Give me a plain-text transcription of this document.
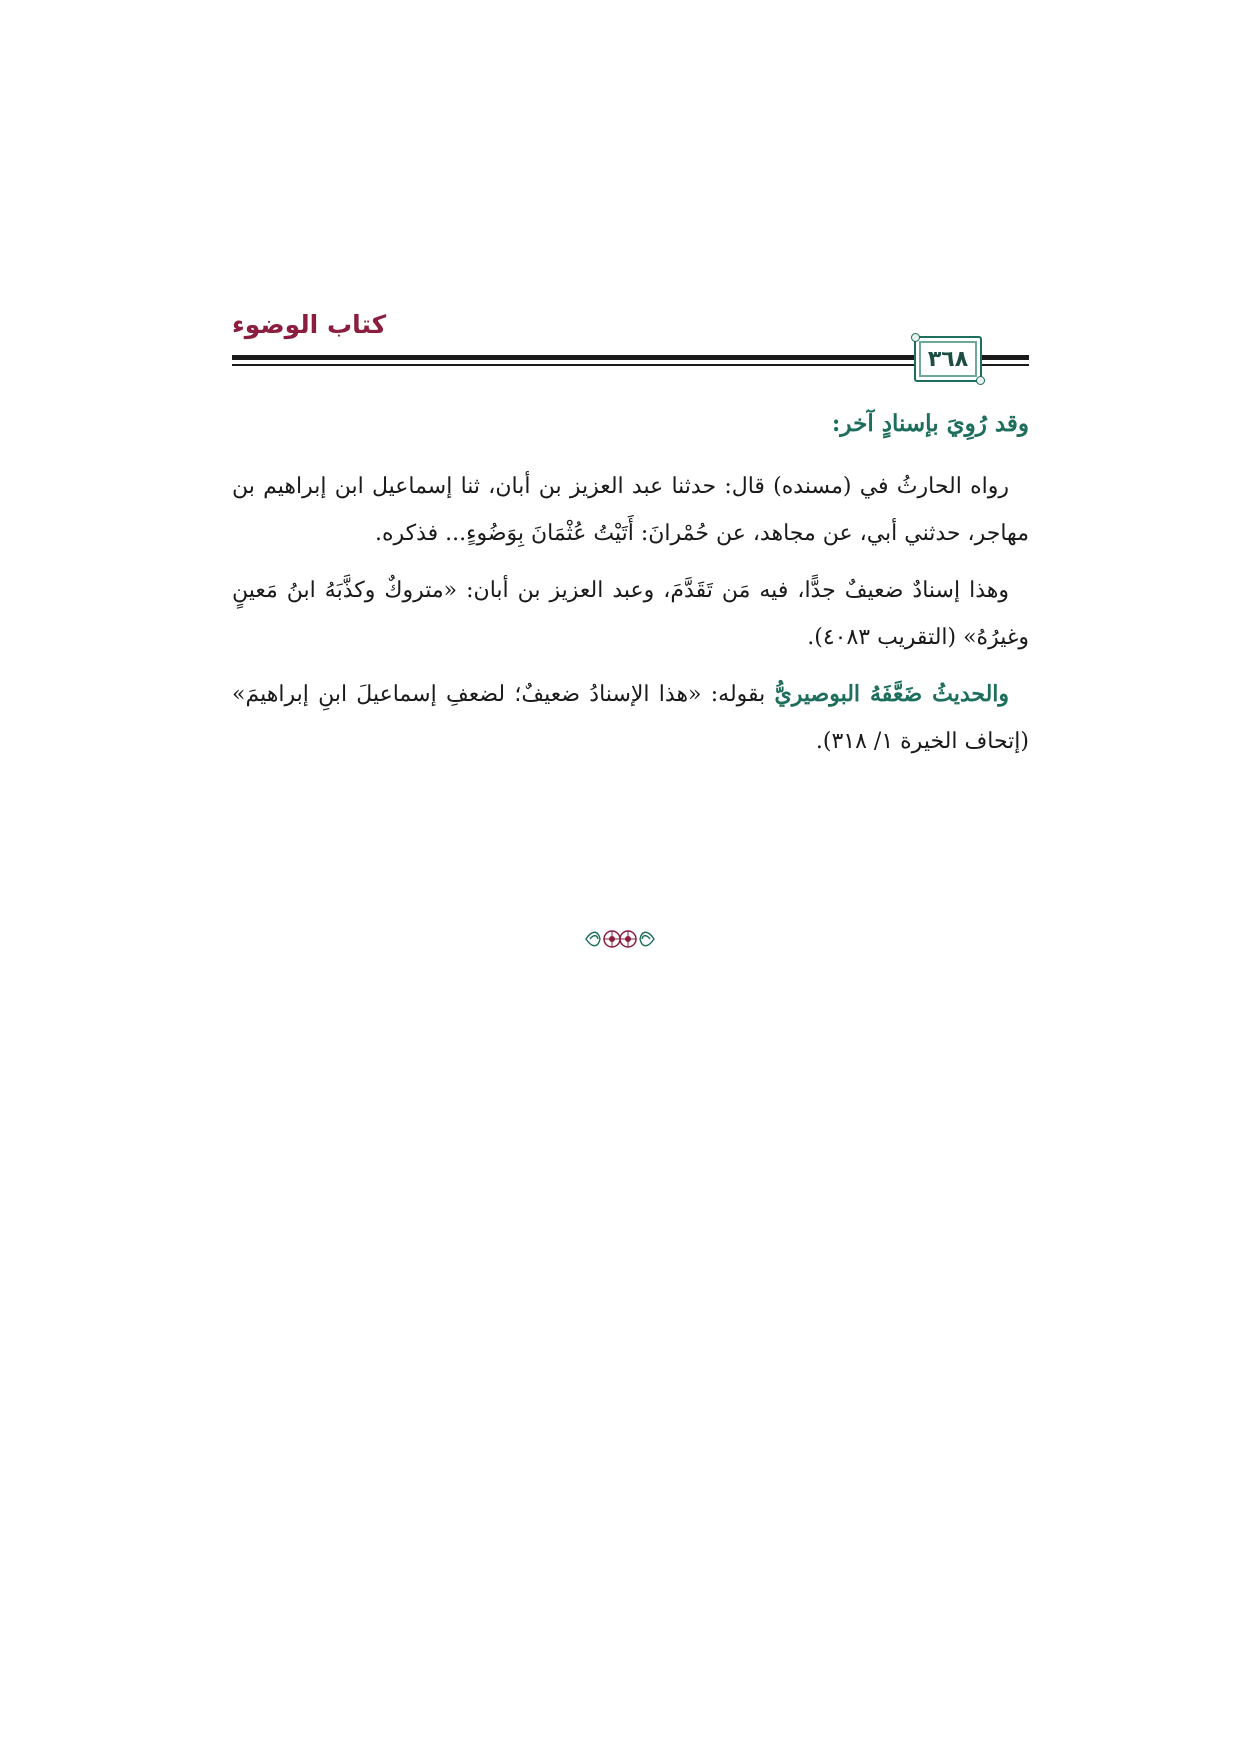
كتاب الوضوء
٣٦٨

وقد رُوِيَ بإسنادٍ آخر:

رواه الحارثُ في (مسنده) قال: حدثنا عبد العزيز بن أبان، ثنا إسماعيل ابن إبراهيم بن مهاجر، حدثني أبي، عن مجاهد، عن حُمْرانَ: أَتَيْتُ عُثْمَانَ بِوَضُوءٍ... فذكره.

وهذا إسنادٌ ضعيفٌ جدًّا، فيه مَن تَقَدَّمَ، وعبد العزيز بن أبان: «متروكٌ وكذَّبَهُ ابنُ مَعينٍ وغيرُهُ» (التقريب ٤٠٨٣).

والحديثُ ضَعَّفَهُ البوصيريُّ بقوله: «هذا الإسنادُ ضعيفٌ؛ لضعفِ إسماعيلَ ابنِ إبراهيمَ» (إتحاف الخيرة ١/ ٣١٨).
